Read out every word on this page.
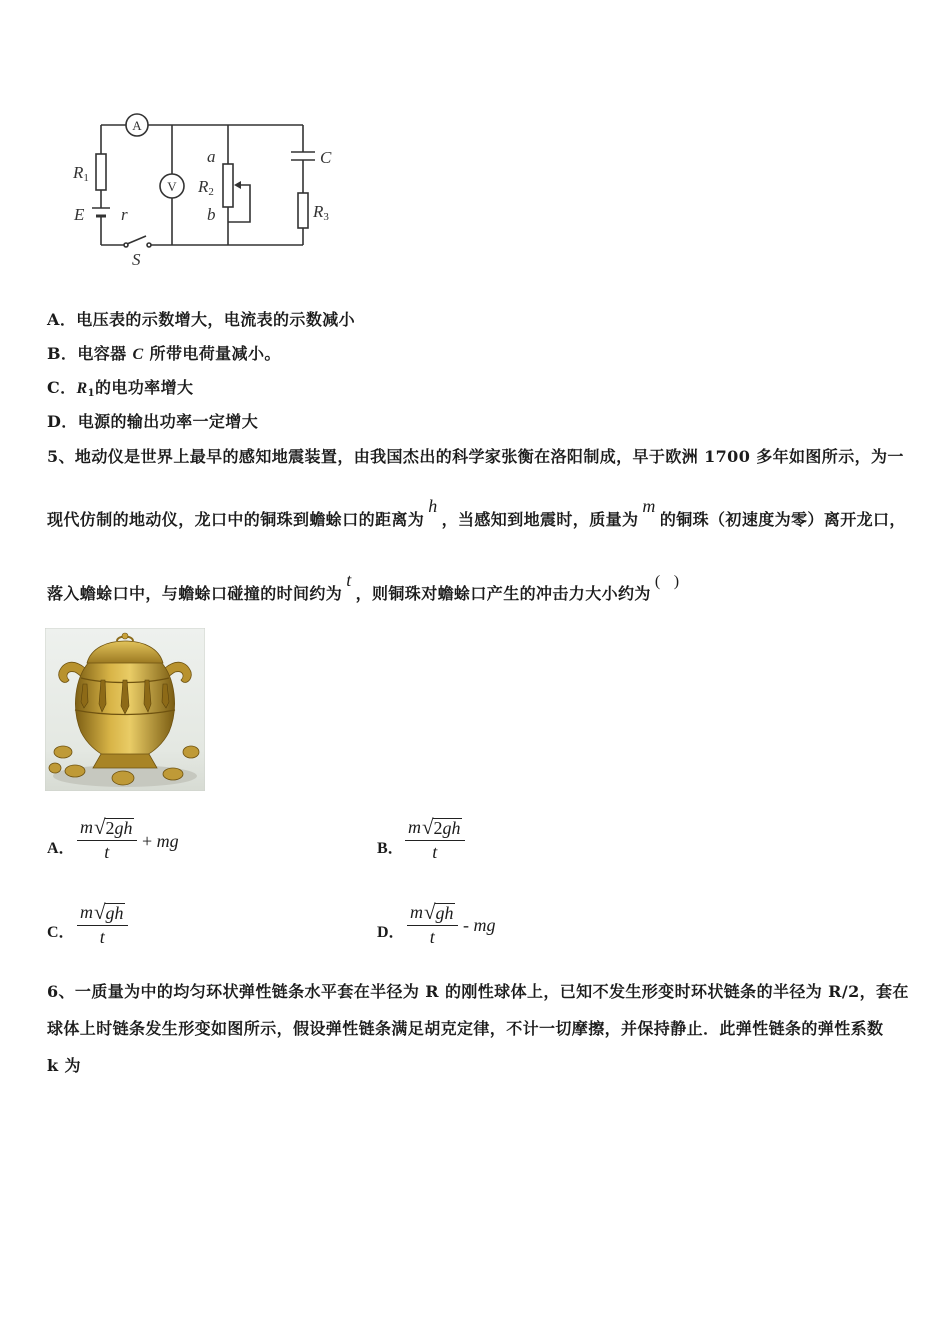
A
V
R1
E r
S
a
R2
b
C
R3
A．电压表的示数增大，电流表的示数减小
B．电容器 C 所带电荷量减小。
C．$R_1$的电功率增大
D．电源的输出功率一定增大
5、地动仪是世界上最早的感知地震装置，由我国杰出的科学家张衡在洛阳制成，早于欧洲 1700 多年如图所示，为一
现代仿制的地动仪，龙口中的铜珠到蟾蜍口的距离为h，当感知到地震时，质量为m的铜珠（初速度为零）离开龙口，
落入蟾蜍口中，与蟾蜍口碰撞的时间约为t，则铜珠对蟾蜍口产生的冲击力大小约为(   )
A． $\frac{m √ 2gh}{t}$ + mg	B． $\frac{m √ 2gh}{t}$
C． $\frac{m √ gh}{t}$	D． $\frac{m √ gh}{t}$ - mg
6、一质量为中的均匀环状弹性链条水平套在半径为 R 的刚性球体上，已知不发生形变时环状链条的半径为 R/2，套在
球体上时链条发生形变如图所示，假设弹性链条满足胡克定律，不计一切摩擦，并保持静止．此弹性链条的弹性系数
k 为
